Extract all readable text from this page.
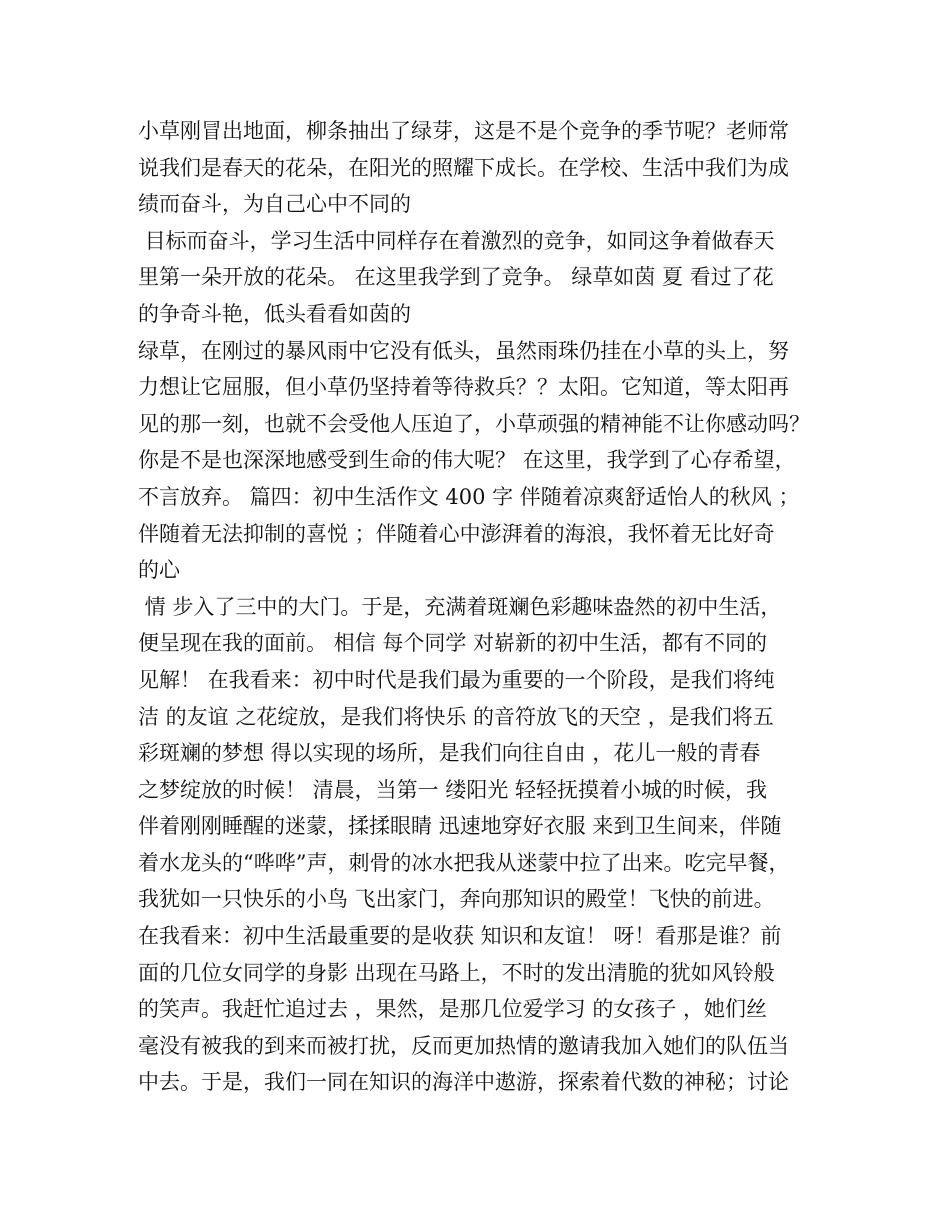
小草刚冒出地面，柳条抽出了绿芽，这是不是个竞争的季节呢？老师常
说我们是春天的花朵，在阳光的照耀下成长。在学校、生活中我们为成
绩而奋斗，为自己心中不同的
目标而奋斗，学习生活中同样存在着激烈的竞争，如同这争着做春天
里第一朵开放的花朵。 在这里我学到了竞争。 绿草如茵 夏 看过了花
的争奇斗艳，低头看看如茵的
绿草，在刚过的暴风雨中它没有低头，虽然雨珠仍挂在小草的头上，努
力想让它屈服，但小草仍坚持着等待救兵？？太阳。它知道，等太阳再
见的那一刻，也就不会受他人压迫了，小草顽强的精神能不让你感动吗？
你是不是也深深地感受到生命的伟大呢？ 在这里，我学到了心存希望，
不言放弃。 篇四：初中生活作文 400 字 伴随着凉爽舒适怡人的秋风 ；
伴随着无法抑制的喜悦 ；伴随着心中澎湃着的海浪，我怀着无比好奇
的心
情 步入了三中的大门。于是，充满着斑斓色彩趣味盎然的初中生活，
便呈现在我的面前。 相信 每个同学 对崭新的初中生活，都有不同的
见解！ 在我看来：初中时代是我们最为重要的一个阶段，是我们将纯
洁 的友谊 之花绽放，是我们将快乐 的音符放飞的天空 ，是我们将五
彩斑斓的梦想 得以实现的场所，是我们向往自由 ，花儿一般的青春
之梦绽放的时候！ 清晨，当第一 缕阳光 轻轻抚摸着小城的时候，我
伴着刚刚睡醒的迷蒙，揉揉眼睛 迅速地穿好衣服 来到卫生间来，伴随
着水龙头的“哗哗”声，刺骨的冰水把我从迷蒙中拉了出来。吃完早餐，
我犹如一只快乐的小鸟 飞出家门，奔向那知识的殿堂！飞快的前进。
在我看来：初中生活最重要的是收获 知识和友谊！ 呀！看那是谁？前
面的几位女同学的身影 出现在马路上，不时的发出清脆的犹如风铃般
的笑声。我赶忙追过去 ，果然，是那几位爱学习 的女孩子 ，她们丝
毫没有被我的到来而被打扰，反而更加热情的邀请我加入她们的队伍当
中去。于是，我们一同在知识的海洋中遨游，探索着代数的神秘；讨论
